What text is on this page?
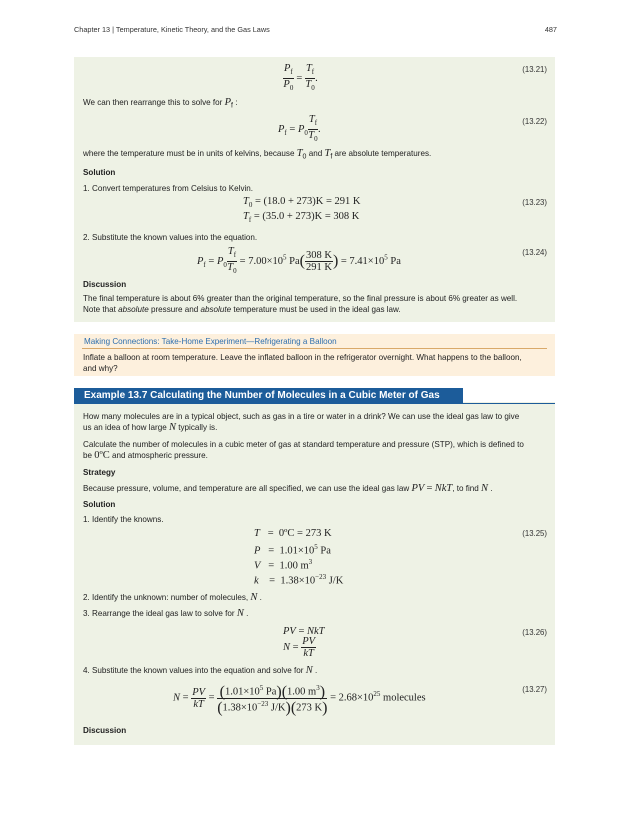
Chapter 13 | Temperature, Kinetic Theory, and the Gas Laws	487
$\frac{P_f}{P_0} = \frac{T_f}{T_0}$ .
(13.21)
We can then rearrange this to solve for $P_f$ :
$P_f = P_0 \frac{T_f}{T_0}$ .
(13.22)
where the temperature must be in units of kelvins, because $T_0$ and $T_f$ are absolute temperatures.
Solution
1. Convert temperatures from Celsius to Kelvin.
$T_0 = (18.0 + 273)K = 291$ K
$T_f = (35.0 + 273)K = 308$ K
(13.23)
2. Substitute the known values into the equation.
$P_f = P_0 \frac{T_f}{T_0} = 7.00\times 10^5$ $Pa( \frac{308 K}{291 K}$ ) = $7.41\times 10^5$ Pa
(13.24)
Discussion
The final temperature is about 6% greater than the original temperature, so the final pressure is about 6% greater as well.
Note that absolute pressure and absolute temperature must be used in the ideal gas law.
Making Connections: Take-Home Experiment—Refrigerating a Balloon
Inflate a balloon at room temperature. Leave the inflated balloon in the refrigerator overnight. What happens to the balloon,
and why?
Example 13.7 Calculating the Number of Molecules in a Cubic Meter of Gas
How many molecules are in a typical object, such as gas in a tire or water in a drink? We can use the ideal gas law to give
us an idea of how large N typically is.
Calculate the number of molecules in a cubic meter of gas at standard temperature and pressure (STP), which is defined to
be 0ºC and atmospheric pressure.
Strategy
Because pressure, volume, and temperature are all specified, we can use the ideal gas law PV = NkT, to find N .
Solution
1. Identify the knowns.
T   =  0ºC = 273 K
$P = 1.01\times 10^5$ Pa
V   =  1.00 $m^3$
k    =  $1.38\times 10^{-23}$ J/K
(13.25)
2. Identify the unknown: number of molecules, N .
3. Rearrange the ideal gas law to solve for N .
PV = NkT
$N = \frac{PV}{kT}$
(13.26)
4. Substitute the known values into the equation and solve for N .
$N = \frac{PV}{kT} = \frac{(1.01\times 10^5 Pa)(1.00 m^3)}{(1.38\times 10^{-23} J/K)(273 K)} = 2.68\times 10^{25}$ molecules
(13.27)
Discussion
